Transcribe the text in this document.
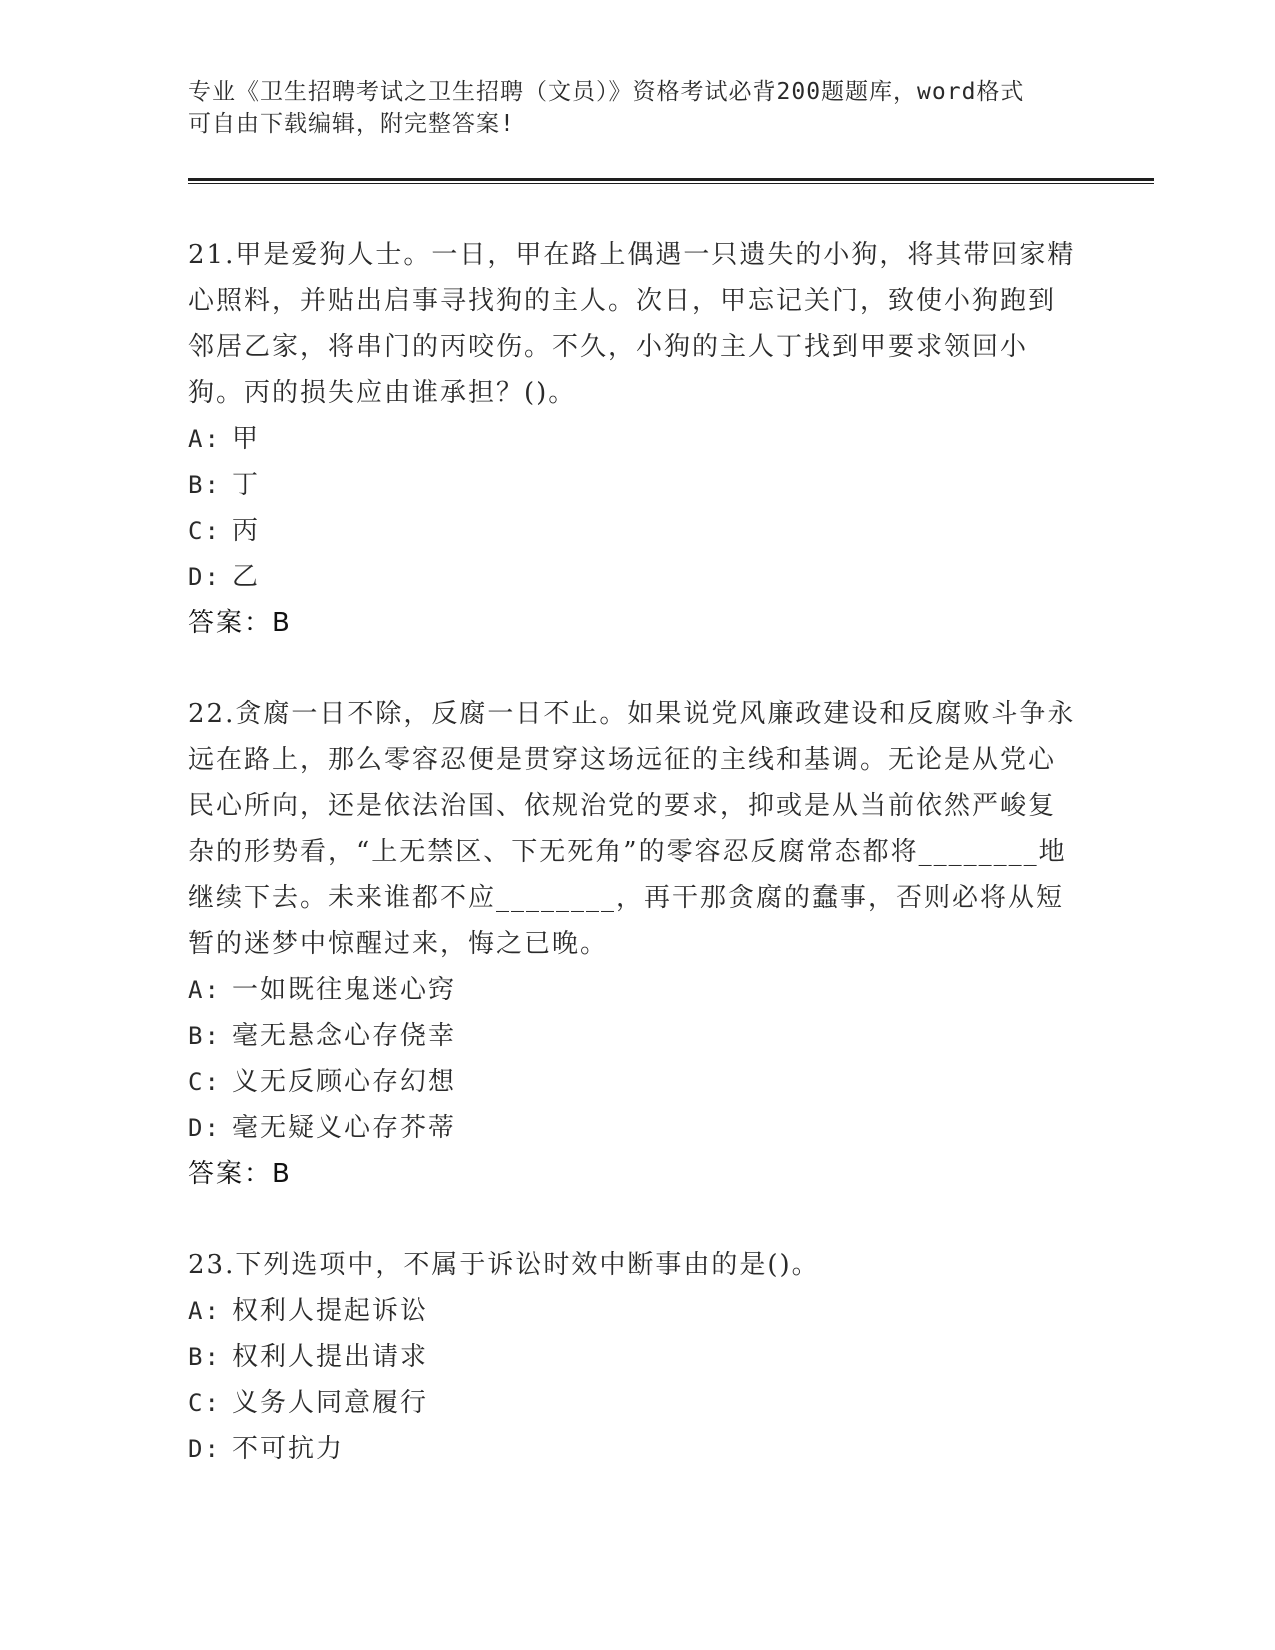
专业《卫生招聘考试之卫生招聘（文员）》资格考试必背200题题库，word格式
可自由下载编辑，附完整答案!

21.甲是爱狗人士。一日，甲在路上偶遇一只遗失的小狗，将其带回家精心照料，并贴出启事寻找狗的主人。次日，甲忘记关门，致使小狗跑到邻居乙家，将串门的丙咬伤。不久，小狗的主人丁找到甲要求领回小狗。丙的损失应由谁承担？()。

A: 甲

B: 丁

C: 丙

D: 乙

答案：B

22.贪腐一日不除，反腐一日不止。如果说党风廉政建设和反腐败斗争永远在路上，那么零容忍便是贯穿这场远征的主线和基调。无论是从党心民心所向，还是依法治国、依规治党的要求，抑或是从当前依然严峻复杂的形势看，“上无禁区、下无死角”的零容忍反腐常态都将________地继续下去。未来谁都不应________，再干那贪腐的蠢事，否则必将从短暂的迷梦中惊醒过来，悔之已晚。

A: 一如既往鬼迷心窍

B: 毫无悬念心存侥幸

C: 义无反顾心存幻想

D: 毫无疑义心存芥蒂

答案：B

23.下列选项中，不属于诉讼时效中断事由的是()。

A: 权利人提起诉讼

B: 权利人提出请求

C: 义务人同意履行

D: 不可抗力
